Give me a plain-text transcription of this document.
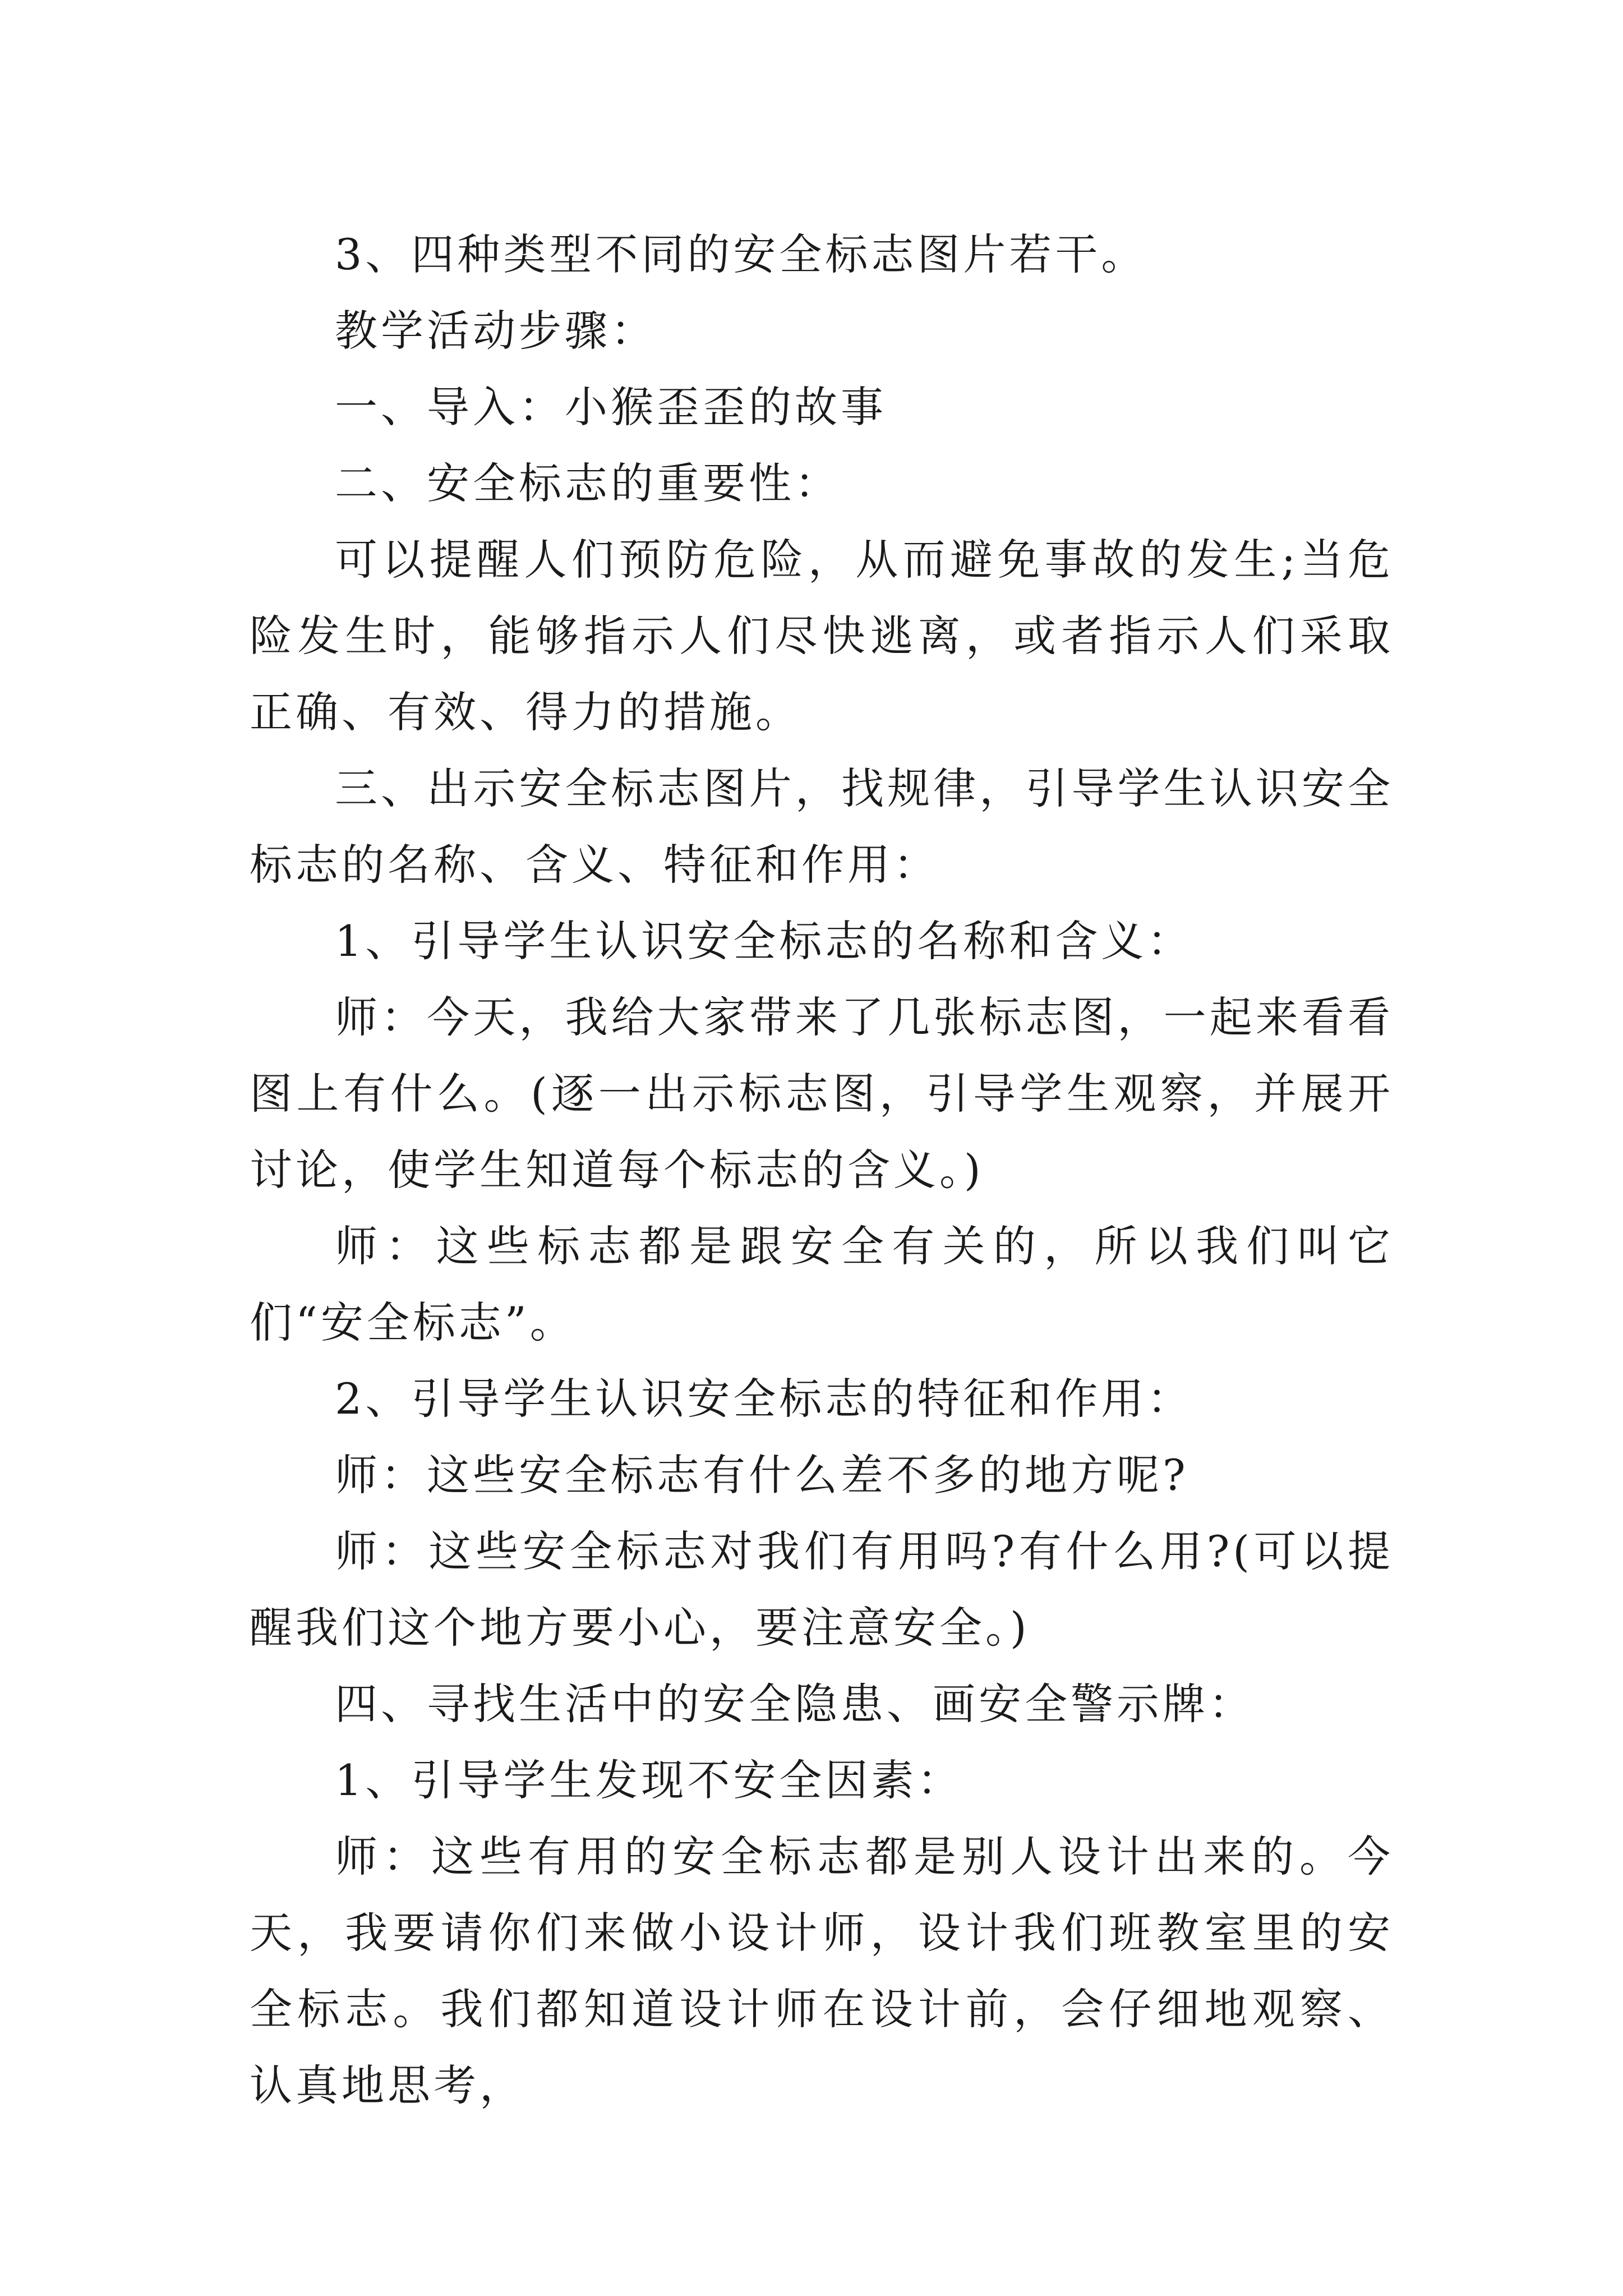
3、四种类型不同的安全标志图片若干。

教学活动步骤：

一、导入：小猴歪歪的故事

二、安全标志的重要性：

可以提醒人们预防危险，从而避免事故的发生;当危险发生时，能够指示人们尽快逃离，或者指示人们采取正确、有效、得力的措施。

三、出示安全标志图片，找规律，引导学生认识安全标志的名称、含义、特征和作用：

1、引导学生认识安全标志的名称和含义：

师：今天，我给大家带来了几张标志图，一起来看看图上有什么。(逐一出示标志图，引导学生观察，并展开讨论，使学生知道每个标志的含义。)

师：这些标志都是跟安全有关的，所以我们叫它们“安全标志”。

2、引导学生认识安全标志的特征和作用：

师：这些安全标志有什么差不多的地方呢?

师：这些安全标志对我们有用吗?有什么用?(可以提醒我们这个地方要小心，要注意安全。)

四、寻找生活中的安全隐患、画安全警示牌：

1、引导学生发现不安全因素：

师：这些有用的安全标志都是别人设计出来的。今天，我要请你们来做小设计师，设计我们班教室里的安全标志。我们都知道设计师在设计前，会仔细地观察、认真地思考，
